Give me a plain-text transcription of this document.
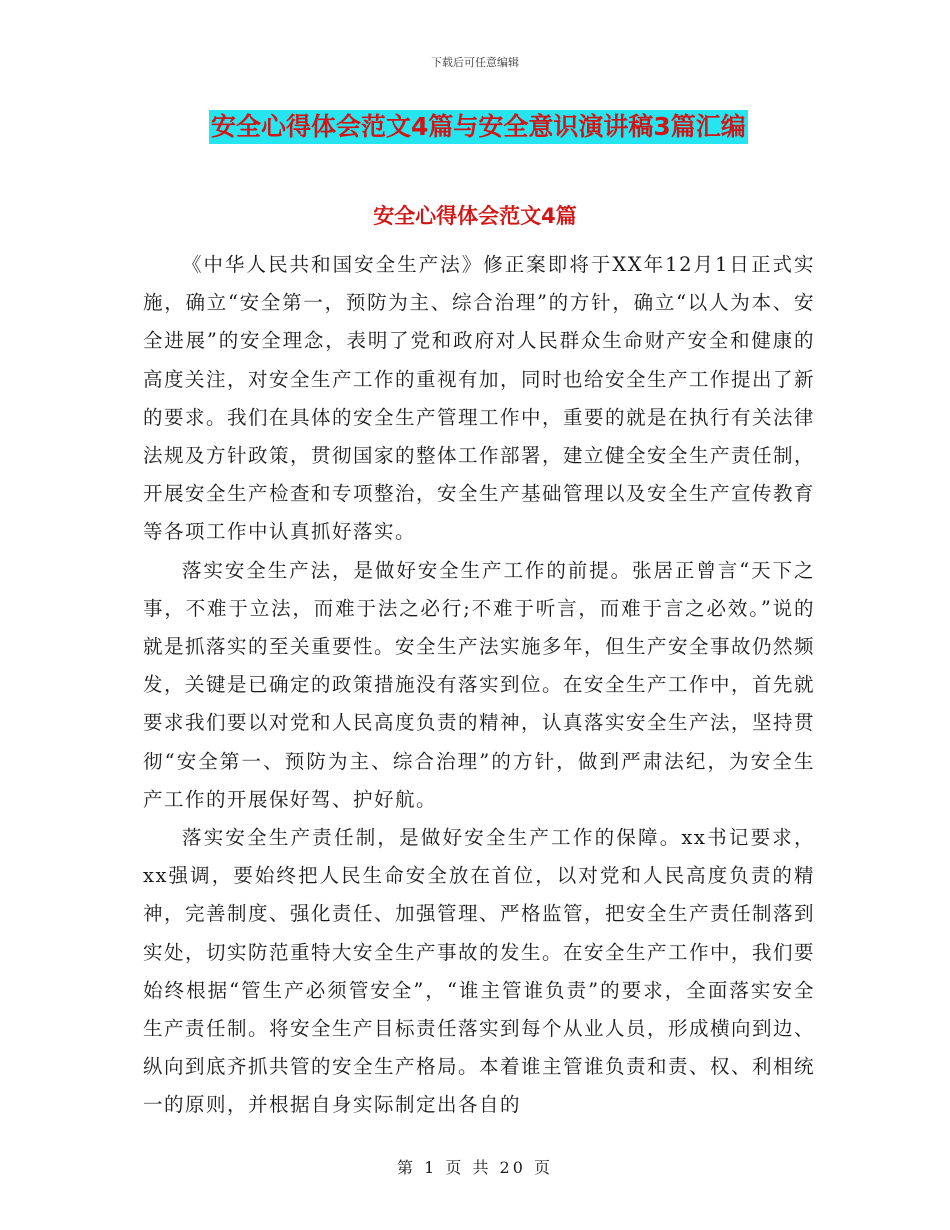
下载后可任意编辑
安全心得体会范文4篇与安全意识演讲稿3篇汇编
安全心得体会范文4篇

《中华人民共和国安全生产法》修正案即将于XX年12月1日正式实施，确立“安全第一，预防为主、综合治理”的方针，确立“以人为本、安全进展”的安全理念，表明了党和政府对人民群众生命财产安全和健康的高度关注，对安全生产工作的重视有加，同时也给安全生产工作提出了新的要求。我们在具体的安全生产管理工作中，重要的就是在执行有关法律法规及方针政策，贯彻国家的整体工作部署，建立健全安全生产责任制，开展安全生产检查和专项整治，安全生产基础管理以及安全生产宣传教育等各项工作中认真抓好落实。

落实安全生产法，是做好安全生产工作的前提。张居正曾言“天下之事，不难于立法，而难于法之必行;不难于听言，而难于言之必效。”说的就是抓落实的至关重要性。安全生产法实施多年，但生产安全事故仍然频发，关键是已确定的政策措施没有落实到位。在安全生产工作中，首先就要求我们要以对党和人民高度负责的精神，认真落实安全生产法，坚持贯彻“安全第一、预防为主、综合治理”的方针，做到严肃法纪，为安全生产工作的开展保好驾、护好航。

落实安全生产责任制，是做好安全生产工作的保障。xx书记要求，xx强调，要始终把人民生命安全放在首位，以对党和人民高度负责的精神，完善制度、强化责任、加强管理、严格监管，把安全生产责任制落到实处，切实防范重特大安全生产事故的发生。在安全生产工作中，我们要始终根据“管生产必须管安全”，“谁主管谁负责”的要求，全面落实安全生产责任制。将安全生产目标责任落实到每个从业人员，形成横向到边、纵向到底齐抓共管的安全生产格局。本着谁主管谁负责和责、权、利相统一的原则，并根据自身实际制定出各自的

第 1 页 共 20 页
